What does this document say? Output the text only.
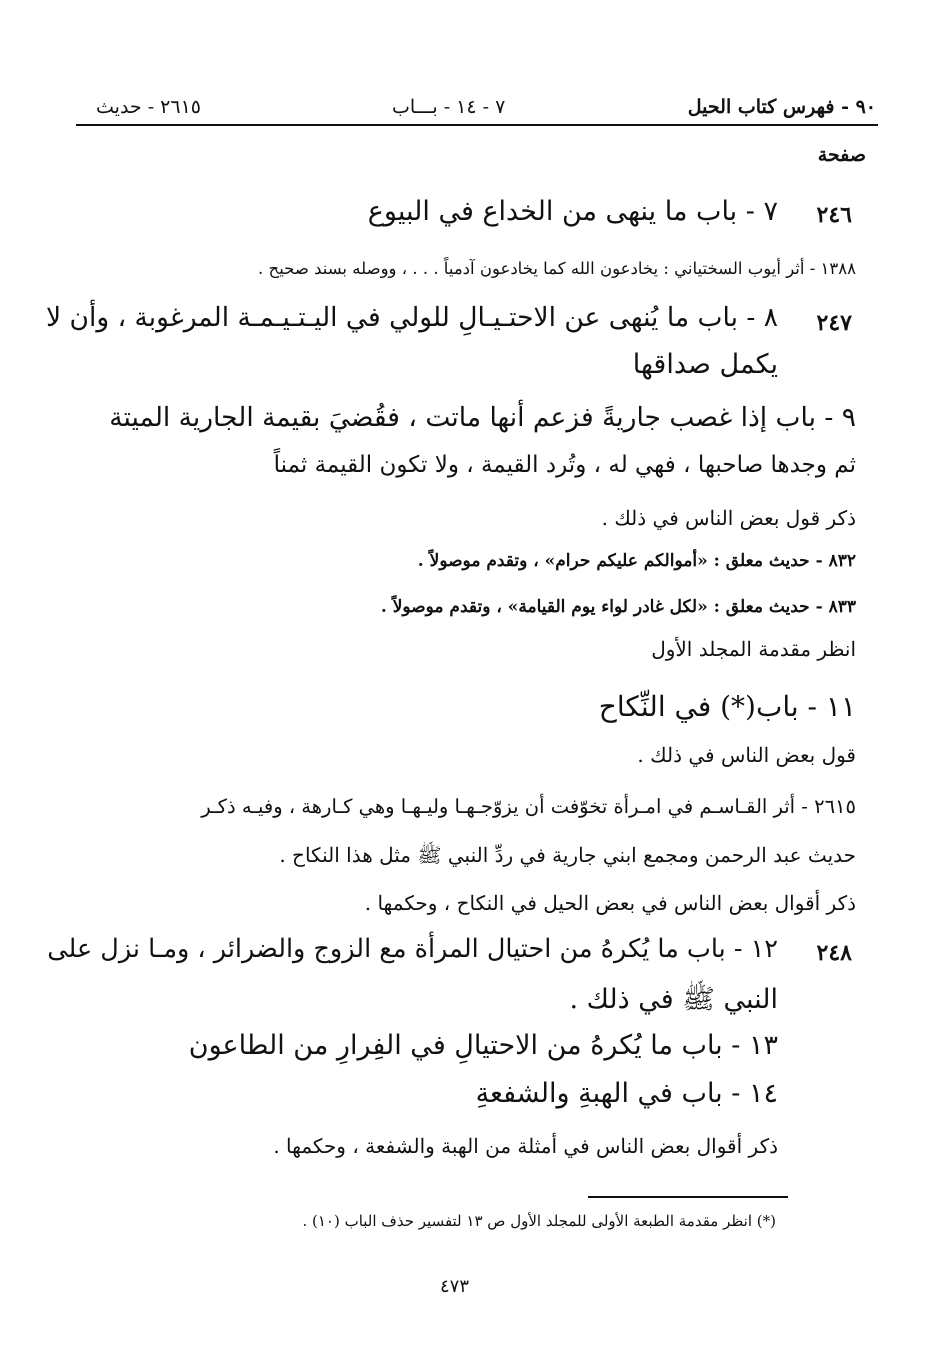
٩٠ - فهرس كتاب الحيل
٧ - ١٤ - بـــاب
٢٦١٥ - حديث
صفحة
٢٤٦
٧ - باب ما ينهى من الخداع في البيوع
١٣٨٨ - أثر أيوب السختياني : يخادعون الله كما يخادعون آدمياً . . . ، ووصله بسند صحيح .
٢٤٧
٨ - باب ما يُنهى عن الاحتـيـالِ للولي في اليـتـيـمـة المرغوبة ، وأن لا
يكمل صداقها
٩ - باب إذا غصب جاريةً فزعم أنها ماتت ، فقُضيَ بقيمة الجارية الميتة
ثم وجدها صاحبها ، فهي له ، وتُرد القيمة ، ولا تكون القيمة ثمناً
ذكر قول بعض الناس في ذلك .
٨٣٢ - حديث معلق : «أموالكم عليكم حرام» ، وتقدم موصولاً .
٨٣٣ - حديث معلق : «لكل غادر لواء يوم القيامة» ، وتقدم موصولاً .
انظر مقدمة المجلد الأول
١١ - باب(*) في النِّكاح
قول بعض الناس في ذلك .
٢٦١٥ - أثر القـاسـم في امـرأة تخوّفت أن يزوّجـهـا وليـهـا وهي كـارهة ، وفيـه ذكـر
حديث عبد الرحمن ومجمع ابني جارية في ردِّ النبي ﷺ مثل هذا النكاح .
ذكر أقوال بعض الناس في بعض الحيل في النكاح ، وحكمها .
٢٤٨
١٢ - باب ما يُكرهُ من احتيال المرأة مع الزوج والضرائر ، ومـا نزل على
النبي ﷺ في ذلك .
١٣ - باب ما يُكرهُ من الاحتيالِ في الفِرارِ من الطاعون
١٤ - باب في الهبةِ والشفعةِ
ذكر أقوال بعض الناس في أمثلة من الهبة والشفعة ، وحكمها .
(*) انظر مقدمة الطبعة الأولى للمجلد الأول ص ١٣ لتفسير حذف الباب (١٠) .
٤٧٣
